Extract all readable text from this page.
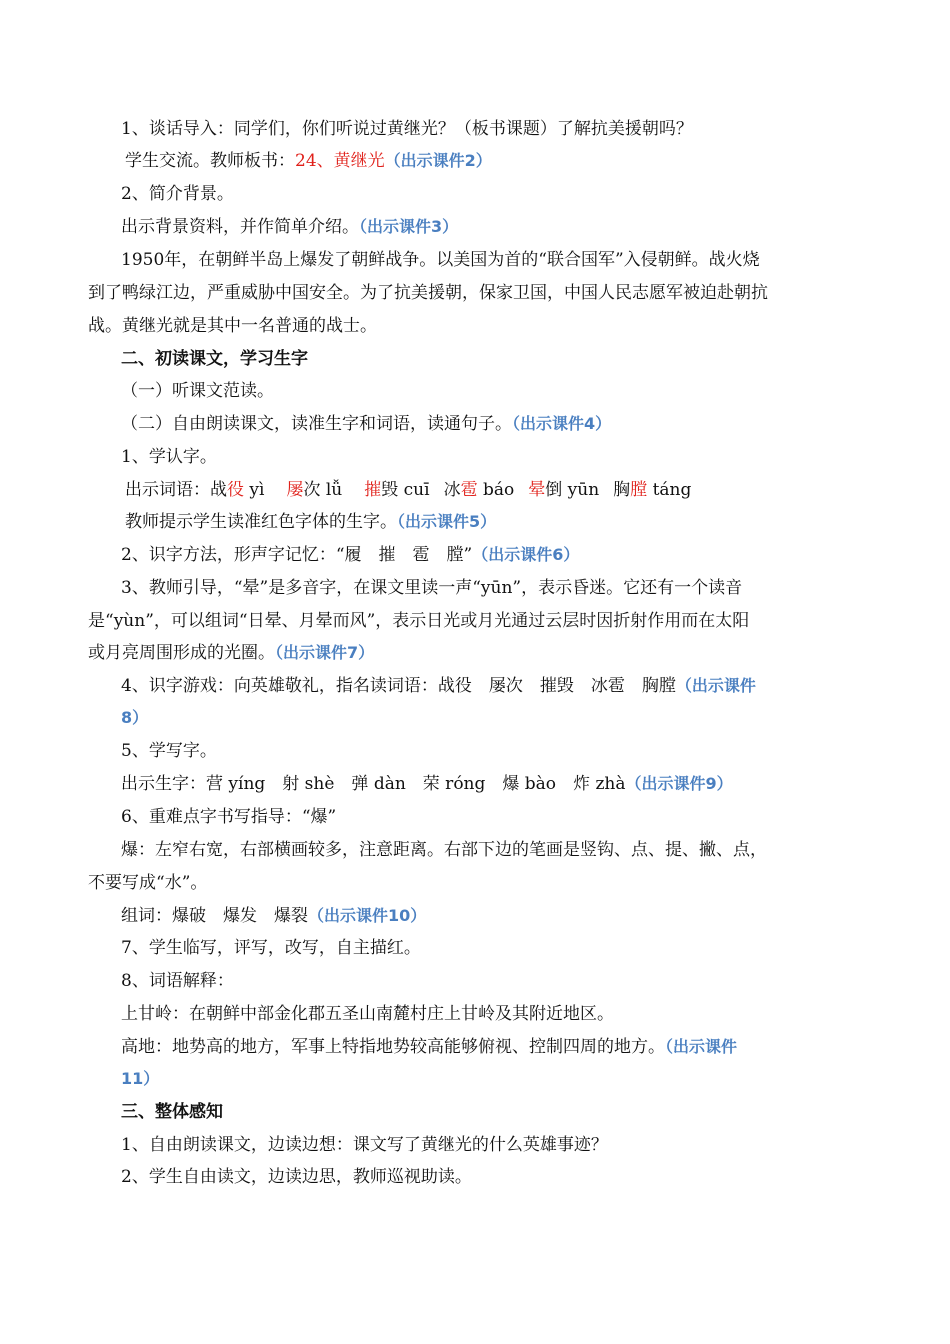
1、谈话导入：同学们，你们听说过黄继光？（板书课题）了解抗美援朝吗？
学生交流。教师板书：24、黄继光（出示课件2）
2、简介背景。
出示背景资料，并作简单介绍。（出示课件3）
1950年，在朝鲜半岛上爆发了朝鲜战争。以美国为首的“联合国军”入侵朝鲜。战火烧
到了鸭绿江边，严重威胁中国安全。为了抗美援朝，保家卫国，中国人民志愿军被迫赴朝抗
战。黄继光就是其中一名普通的战士。
二、初读课文，学习生字
（一）听课文范读。
（二）自由朗读课文，读准生字和词语，读通句子。（出示课件4）
1、学认字。
出示词语：战役 yì 屡次 lǚ 摧毁 cuī 冰雹 báo 晕倒 yūn 胸膛 táng
教师提示学生读准红色字体的生字。（出示课件5）
2、识字方法，形声字记忆：“履　摧　雹　膛”（出示课件6）
3、教师引导，“晕”是多音字，在课文里读一声“yūn”，表示昏迷。它还有一个读音
是“yùn”，可以组词“日晕、月晕而风”，表示日光或月光通过云层时因折射作用而在太阳
或月亮周围形成的光圈。（出示课件7）
4、识字游戏：向英雄敬礼，指名读词语：战役　屡次　摧毁　冰雹　胸膛（出示课件
8）
5、学写字。
出示生字：营 yíng　射 shè　弹 dàn　荣 róng　爆 bào　炸 zhà（出示课件9）
6、重难点字书写指导：“爆”
爆：左窄右宽，右部横画较多，注意距离。右部下边的笔画是竖钩、点、提、撇、点，
不要写成“水”。
组词：爆破　爆发　爆裂（出示课件10）
7、学生临写，评写，改写，自主描红。
8、词语解释：
上甘岭：在朝鲜中部金化郡五圣山南麓村庄上甘岭及其附近地区。
高地：地势高的地方，军事上特指地势较高能够俯视、控制四周的地方。（出示课件
11）
三、整体感知
1、自由朗读课文，边读边想：课文写了黄继光的什么英雄事迹？
2、学生自由读文，边读边思，教师巡视助读。
